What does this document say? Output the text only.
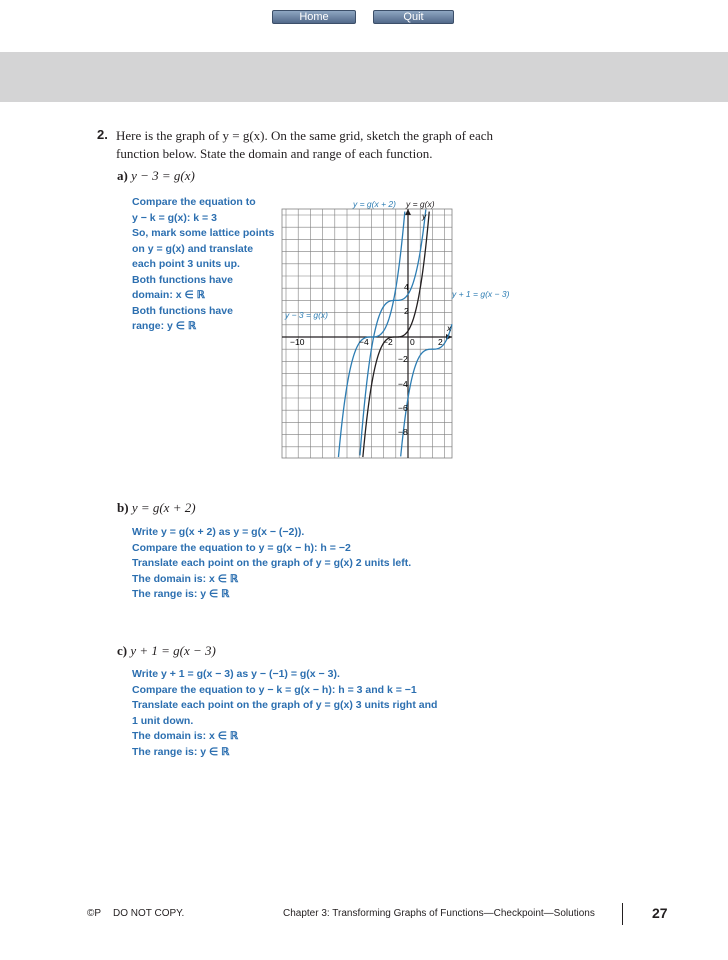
Home	Quit
2. Here is the graph of y = g(x). On the same grid, sketch the graph of each function below. State the domain and range of each function.
a) y − 3 = g(x)
Compare the equation to
y − k = g(x): k = 3
So, mark some lattice points
on y = g(x) and translate
each point 3 units up.
Both functions have
domain: x ∈ ℝ
Both functions have
range: y ∈ ℝ	x
y
−10	−4 −2 0	2
4
2
−2
−4
−6
−8
y = g(x + 2) y = g(x)
y + 1 = g(x − 3)
y − 3 = g(x)
b) y = g(x + 2)
Write y = g(x + 2) as y = g(x − (−2)).
Compare the equation to y = g(x − h): h = −2
Translate each point on the graph of y = g(x) 2 units left.
The domain is: x ∈ ℝ
The range is: y ∈ ℝ
c) y + 1 = g(x − 3)
Write y + 1 = g(x − 3) as y − (−1) = g(x − 3).
Compare the equation to y − k = g(x − h): h = 3 and k = −1
Translate each point on the graph of y = g(x) 3 units right and
1 unit down.
The domain is: x ∈ ℝ
The range is: y ∈ ℝ
©P DO NOT COPY.	Chapter 3: Transforming Graphs of Functions—Checkpoint—Solutions	27
